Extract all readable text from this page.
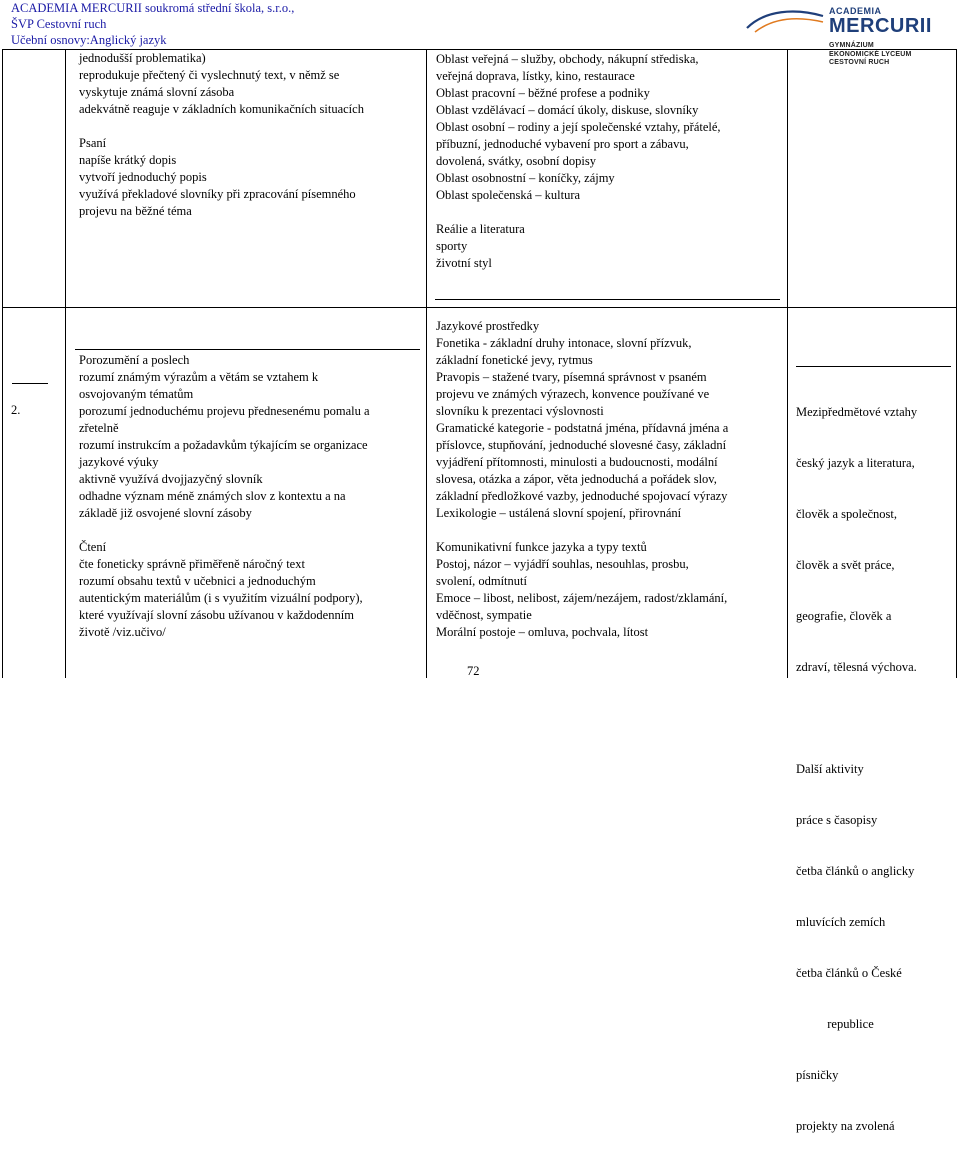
ACADEMIA MERCURII soukromá střední škola, s.r.o.,
ŠVP Cestovní ruch
Učební osnovy:Anglický jazyk
ACADEMIA
MERCURII
GYMNÁZIUM
EKONOMICKÉ LYCEUM
CESTOVNÍ RUCH
jednodušší problematika)
reprodukuje přečtený či vyslechnutý text, v němž se
vyskytuje známá slovní zásoba
adekvátně reaguje v základních komunikačních situacích
Psaní
napíše krátký dopis
vytvoří jednoduchý popis
využívá překladové slovníky při zpracování písemného
projevu na běžné téma
Oblast veřejná – služby, obchody, nákupní střediska,
veřejná doprava, lístky, kino, restaurace
Oblast pracovní – běžné profese a podniky
Oblast vzdělávací – domácí úkoly, diskuse, slovníky
Oblast osobní – rodiny a její společenské vztahy, přátelé,
příbuzní, jednoduché vybavení pro sport a zábavu,
dovolená, svátky, osobní dopisy
Oblast osobnostní – koníčky, zájmy
Oblast společenská – kultura
Reálie a literatura
sporty
životní styl
2.
Porozumění a poslech
rozumí známým výrazům a větám se vztahem k
osvojovaným tématům
porozumí jednoduchému projevu přednesenému pomalu a
zřetelně
rozumí instrukcím a požadavkům týkajícím se organizace
jazykové výuky
aktivně využívá dvojjazyčný slovník
odhadne význam méně známých slov z kontextu a na
základě již osvojené slovní zásoby
Čtení
čte foneticky správně přiměřeně náročný text
rozumí obsahu textů v učebnici a jednoduchým
autentickým materiálům (i s využitím vizuální podpory),
které využívají slovní zásobu užívanou v každodenním
životě /viz.učivo/
Jazykové prostředky
Fonetika - základní druhy intonace, slovní přízvuk,
základní fonetické jevy, rytmus
Pravopis – stažené tvary, písemná správnost v psaném
projevu ve známých výrazech, konvence používané ve
slovníku k prezentaci výslovnosti
Gramatické kategorie - podstatná jména, přídavná jména a
příslovce, stupňování, jednoduché slovesné časy, základní
vyjádření přítomnosti, minulosti a budoucnosti, modální
slovesa, otázka a zápor, věta jednoduchá a pořádek slov,
základní předložkové vazby, jednoduché spojovací výrazy
Lexikologie – ustálená slovní spojení, přirovnání
Komunikativní funkce jazyka a typy textů
Postoj, názor – vyjádří souhlas, nesouhlas, prosbu,
svolení, odmítnutí
Emoce – libost, nelibost, zájem/nezájem, radost/zklamání,
vděčnost, sympatie
Morální postoje – omluva, pochvala, lítost

Mezipředmětové vztahy

český jazyk a literatura,

člověk a společnost,

člověk a svět práce,

geografie, člověk a

zdraví, tělesná výchova.

Další aktivity

práce s časopisy

četba článků o anglicky

mluvících zemích

četba článků o České

republice

písničky

projekty na zvolená

72
